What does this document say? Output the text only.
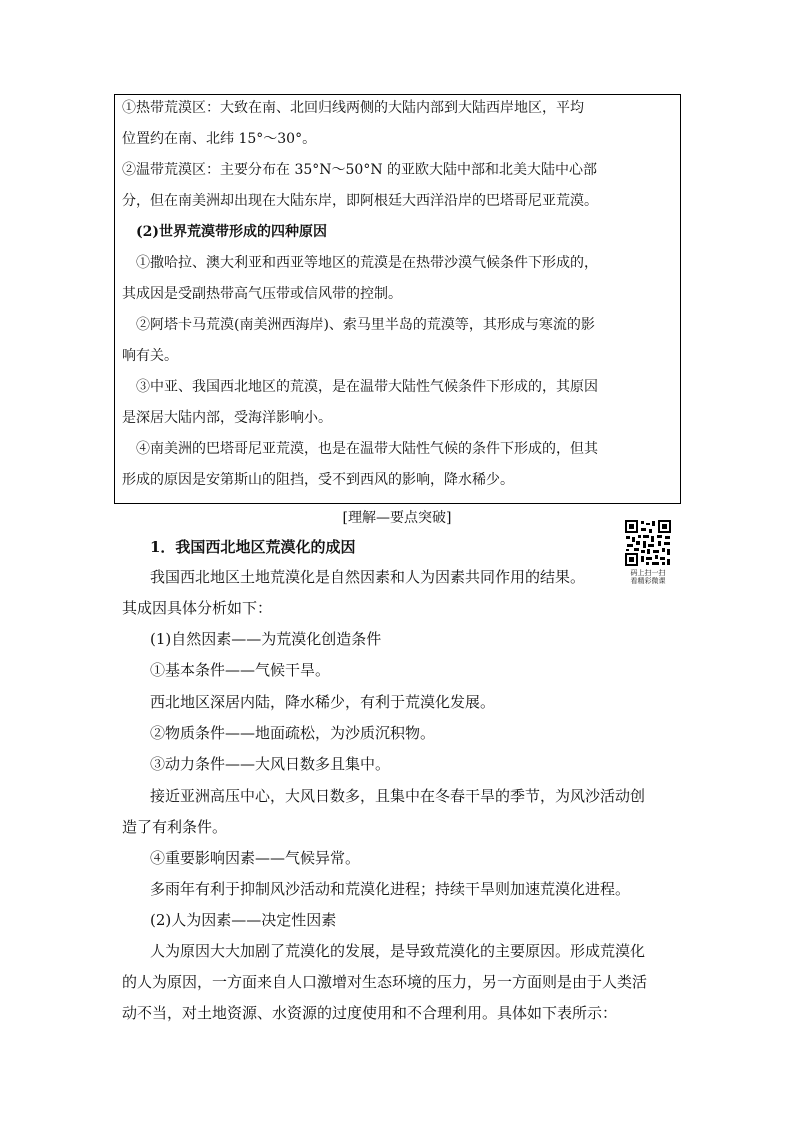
①热带荒漠区：大致在南、北回归线两侧的大陆内部到大陆西岸地区，平均
位置约在南、北纬 15°～30°。
②温带荒漠区：主要分布在 35°N～50°N 的亚欧大陆中部和北美大陆中心部
分，但在南美洲却出现在大陆东岸，即阿根廷大西洋沿岸的巴塔哥尼亚荒漠。
(2)世界荒漠带形成的四种原因
①撒哈拉、澳大利亚和西亚等地区的荒漠是在热带沙漠气候条件下形成的，
其成因是受副热带高气压带或信风带的控制。
②阿塔卡马荒漠(南美洲西海岸)、索马里半岛的荒漠等，其形成与寒流的影
响有关。
③中亚、我国西北地区的荒漠，是在温带大陆性气候条件下形成的，其原因
是深居大陆内部，受海洋影响小。
④南美洲的巴塔哥尼亚荒漠，也是在温带大陆性气候的条件下形成的，但其
形成的原因是安第斯山的阻挡，受不到西风的影响，降水稀少。
[理解—要点突破]
码上扫一扫
看精彩微课
1．我国西北地区荒漠化的成因
我国西北地区土地荒漠化是自然因素和人为因素共同作用的结果。
其成因具体分析如下：
(1)自然因素——为荒漠化创造条件
①基本条件——气候干旱。
西北地区深居内陆，降水稀少，有利于荒漠化发展。
②物质条件——地面疏松，为沙质沉积物。
③动力条件——大风日数多且集中。
接近亚洲高压中心，大风日数多，且集中在冬春干旱的季节，为风沙活动创
造了有利条件。
④重要影响因素——气候异常。
多雨年有利于抑制风沙活动和荒漠化进程；持续干旱则加速荒漠化进程。
(2)人为因素——决定性因素
人为原因大大加剧了荒漠化的发展，是导致荒漠化的主要原因。形成荒漠化
的人为原因，一方面来自人口激增对生态环境的压力，另一方面则是由于人类活
动不当，对土地资源、水资源的过度使用和不合理利用。具体如下表所示：
